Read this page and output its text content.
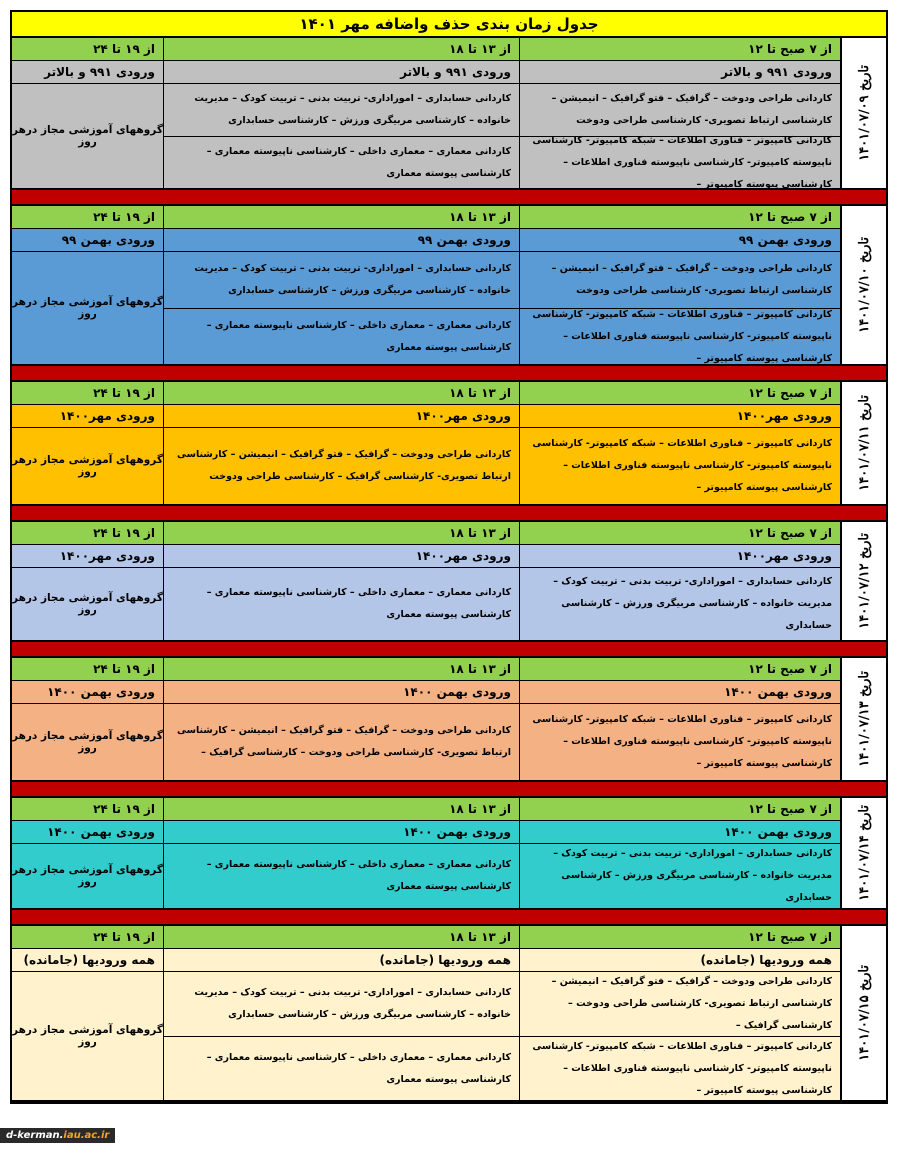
جدول زمان بندی حذف واضافه مهر ۱۴۰۱
تاریخ ۱۴۰۱/۰۷/۰۹
از ۷ صبح تا ۱۲
ورودی ۹۹۱ و بالاتر
کاردانی طراحی ودوخت – گرافیک – فتو گرافیک – انیمیشن – کارشناسی ارتباط تصویری- کارشناسی طراحی ودوخت
کاردانی کامپیوتر – فناوری اطلاعات – شبکه کامپیوتر- کارشناسی ناپیوسته کامپیوتر- کارشناسی ناپیوسته فناوری اطلاعات –کارشناسی پیوسته کامپیوتر –
از ۱۳ تا ۱۸
ورودی ۹۹۱ و بالاتر
کاردانی حسابداری – اموراداری- تربیت بدنی – تربیت کودک – مدیریت خانواده – کارشناسی مربیگری ورزش – کارشناسی حسابداری
کاردانی معماری – معماری داخلی – کارشناسی ناپیوسته معماری – کارشناسی پیوسته معماری
از ۱۹ تا ۲۴
ورودی ۹۹۱ و بالاتر
گروههای آموزشی مجاز درهر روز
تاریخ ۱۴۰۱/۰۷/۱۰
از ۷ صبح تا ۱۲
ورودی بهمن ۹۹
کاردانی طراحی ودوخت – گرافیک – فتو گرافیک – انیمیشن – کارشناسی ارتباط تصویری- کارشناسی طراحی ودوخت
کاردانی کامپیوتر – فناوری اطلاعات – شبکه کامپیوتر- کارشناسی ناپیوسته کامپیوتر- کارشناسی ناپیوسته فناوری اطلاعات –کارشناسی پیوسته کامپیوتر –
از ۱۳ تا ۱۸
ورودی بهمن ۹۹
کاردانی حسابداری – اموراداری- تربیت بدنی – تربیت کودک – مدیریت خانواده – کارشناسی مربیگری ورزش – کارشناسی حسابداری
کاردانی معماری – معماری داخلی – کارشناسی ناپیوسته معماری – کارشناسی پیوسته معماری
از ۱۹ تا ۲۴
ورودی بهمن ۹۹
گروههای آموزشی مجاز درهر روز
تاریخ ۱۴۰۱/۰۷/۱۱
از ۷ صبح تا ۱۲
ورودی مهر۱۴۰۰
کاردانی کامپیوتر – فناوری اطلاعات – شبکه کامپیوتر- کارشناسی ناپیوسته کامپیوتر- کارشناسی ناپیوسته فناوری اطلاعات –کارشناسی پیوسته کامپیوتر –
از ۱۳ تا ۱۸
ورودی مهر۱۴۰۰
کاردانی طراحی ودوخت – گرافیک – فتو گرافیک – انیمیشن – کارشناسی ارتباط تصویری- کارشناسی گرافیک – کارشناسی طراحی ودوخت
از ۱۹ تا ۲۴
ورودی مهر۱۴۰۰
گروههای آموزشی مجاز درهر روز
تاریخ ۱۴۰۱/۰۷/۱۲
از ۷ صبح تا ۱۲
ورودی مهر۱۴۰۰
کاردانی حسابداری – اموراداری- تربیت بدنی – تربیت کودک – مدیریت خانواده – کارشناسی مربیگری ورزش – کارشناسی حسابداری
از ۱۳ تا ۱۸
ورودی مهر۱۴۰۰
کاردانی معماری – معماری داخلی – کارشناسی ناپیوسته معماری – کارشناسی پیوسته معماری
از ۱۹ تا ۲۴
ورودی مهر۱۴۰۰
گروههای آموزشی مجاز درهر روز
تاریخ ۱۴۰۱/۰۷/۱۳
از ۷ صبح تا ۱۲
ورودی بهمن ۱۴۰۰
کاردانی کامپیوتر – فناوری اطلاعات – شبکه کامپیوتر- کارشناسی ناپیوسته کامپیوتر- کارشناسی ناپیوسته فناوری اطلاعات –کارشناسی پیوسته کامپیوتر –
از ۱۳ تا ۱۸
ورودی بهمن ۱۴۰۰
کاردانی طراحی ودوخت – گرافیک – فتو گرافیک – انیمیشن – کارشناسی ارتباط تصویری- کارشناسی طراحی ودوخت – کارشناسی گرافیک –
از ۱۹ تا ۲۴
ورودی بهمن ۱۴۰۰
گروههای آموزشی مجاز درهر روز
تاریخ ۱۴۰۱/۰۷/۱۴
از ۷ صبح تا ۱۲
ورودی بهمن ۱۴۰۰
کاردانی حسابداری – اموراداری- تربیت بدنی – تربیت کودک – مدیریت خانواده – کارشناسی مربیگری ورزش – کارشناسی حسابداری
از ۱۳ تا ۱۸
ورودی بهمن ۱۴۰۰
کاردانی معماری – معماری داخلی – کارشناسی ناپیوسته معماری – کارشناسی پیوسته معماری
از ۱۹ تا ۲۴
ورودی بهمن ۱۴۰۰
گروههای آموزشی مجاز درهر روز
تاریخ ۱۴۰۱/۰۷/۱۵
از ۷ صبح تا ۱۲
همه ورودیها (جامانده)
کاردانی طراحی ودوخت – گرافیک – فتو گرافیک – انیمیشن – کارشناسی ارتباط تصویری- کارشناسی طراحی ودوخت – کارشناسی گرافیک –
کاردانی کامپیوتر – فناوری اطلاعات – شبکه کامپیوتر- کارشناسی ناپیوسته کامپیوتر- کارشناسی ناپیوسته فناوری اطلاعات –کارشناسی پیوسته کامپیوتر –
از ۱۳ تا ۱۸
همه ورودیها (جامانده)
کاردانی حسابداری – اموراداری- تربیت بدنی – تربیت کودک – مدیریت خانواده – کارشناسی مربیگری ورزش – کارشناسی حسابداری
کاردانی معماری – معماری داخلی – کارشناسی ناپیوسته معماری – کارشناسی پیوسته معماری
از ۱۹ تا ۲۴
همه ورودیها (جامانده)
گروههای آموزشی مجاز درهر روز
d-kerman.iau.ac.ir
